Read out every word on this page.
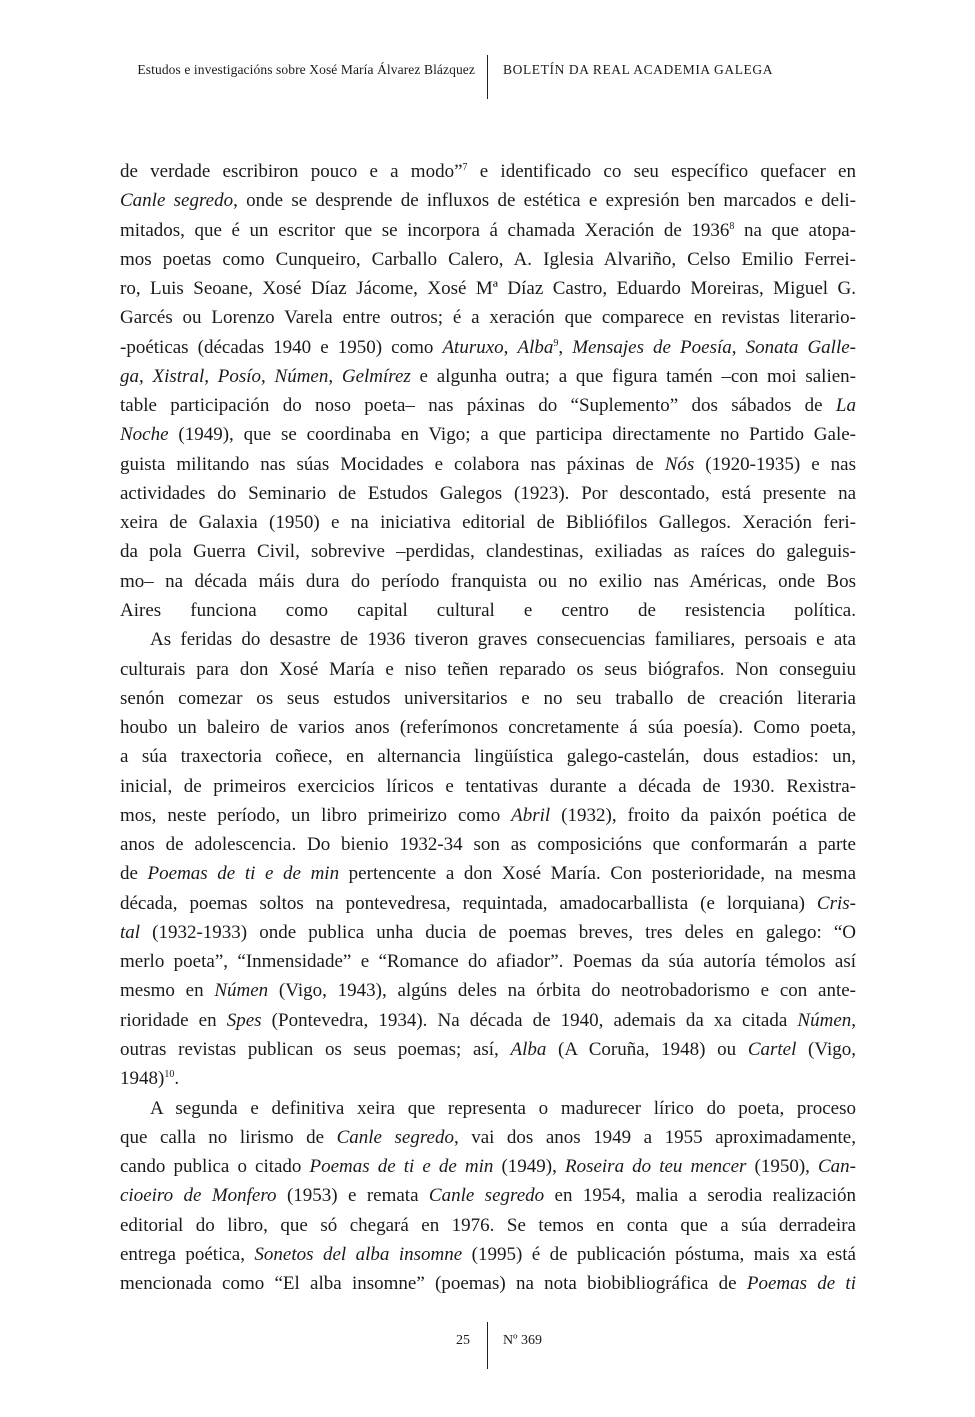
Estudos e investigacións sobre Xosé María Álvarez Blázquez BOLETÍN DA REAL ACADEMIA GALEGA
de verdade escribiron pouco e a modo”$^7$ e identificado co seu específico quefacer en
Canle segredo, onde se desprende de influxos de estética e expresión ben marcados e deli-
mitados, que é un escritor que se incorpora á chamada Xeración de 1936$^8$ na que atopa-
mos poetas como Cunqueiro, Carballo Calero, A. Iglesia Alvariño, Celso Emilio Ferrei-
ro, Luis Seoane, Xosé Díaz Jácome, Xosé Mª Díaz Castro, Eduardo Moreiras, Miguel G.
Garcés ou Lorenzo Varela entre outros; é a xeración que comparece en revistas literario-
-poéticas (décadas 1940 e 1950) como Aturuxo, Alba$^9$, Mensajes de Poesía, Sonata Galle-
ga, Xistral, Posío, Númen, Gelmírez e algunha outra; a que figura tamén –con moi salien-
table participación do noso poeta– nas páxinas do “Suplemento” dos sábados de La
Noche (1949), que se coordinaba en Vigo; a que participa directamente no Partido Gale-
guista militando nas súas Mocidades e colabora nas páxinas de Nós (1920-1935) e nas
actividades do Seminario de Estudos Galegos (1923). Por descontado, está presente na
xeira de Galaxia (1950) e na iniciativa editorial de Bibliófilos Gallegos. Xeración feri-
da pola Guerra Civil, sobrevive –perdidas, clandestinas, exiliadas as raíces do galeguis-
mo– na década máis dura do período franquista ou no exilio nas Américas, onde Bos
Aires funciona como capital cultural e centro de resistencia política.
As feridas do desastre de 1936 tiveron graves consecuencias familiares, persoais e ata
culturais para don Xosé María e niso teñen reparado os seus biógrafos. Non conseguiu
senón comezar os seus estudos universitarios e no seu traballo de creación literaria
houbo un baleiro de varios anos (referímonos concretamente á súa poesía). Como poeta,
a súa traxectoria coñece, en alternancia lingüística galego-castelán, dous estadios: un,
inicial, de primeiros exercicios líricos e tentativas durante a década de 1930. Rexistra-
mos, neste período, un libro primeirizo como Abril (1932), froito da paixón poética de
anos de adolescencia. Do bienio 1932-34 son as composicións que conformarán a parte
de Poemas de ti e de min pertencente a don Xosé María. Con posterioridade, na mesma
década, poemas soltos na pontevedresa, requintada, amadocarballista (e lorquiana) Cris-
tal (1932-1933) onde publica unha ducia de poemas breves, tres deles en galego: “O
merlo poeta”, “Inmensidade” e “Romance do afiador”. Poemas da súa autoría témolos así
mesmo en Númen (Vigo, 1943), algúns deles na órbita do neotrobadorismo e con ante-
rioridade en Spes (Pontevedra, 1934). Na década de 1940, ademais da xa citada Númen,
outras revistas publican os seus poemas; así, Alba (A Coruña, 1948) ou Cartel (Vigo,
1948)$^{10}$.
A segunda e definitiva xeira que representa o madurecer lírico do poeta, proceso
que calla no lirismo de Canle segredo, vai dos anos 1949 a 1955 aproximadamente,
cando publica o citado Poemas de ti e de min (1949), Roseira do teu mencer (1950), Can-
cioeiro de Monfero (1953) e remata Canle segredo en 1954, malia a serodia realización
editorial do libro, que só chegará en 1976. Se temos en conta que a súa derradeira
entrega poética, Sonetos del alba insomne (1995) é de publicación póstuma, mais xa está
mencionada como “El alba insomne” (poemas) na nota biobibliográfica de Poemas de ti
25 Nº 369
